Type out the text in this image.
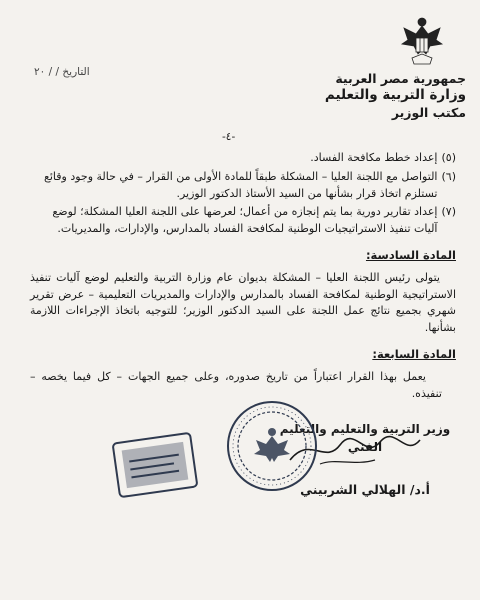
جمهورية مصر العربية
وزارة التربية والتعليم
مكتب الوزير
التاريخ / / ٢٠
-٤-
(٥)
إعداد خطط مكافحة الفساد.
(٦)
التواصل مع اللجنة العليا – المشكلة طبقاً للمادة الأولى من القرار – في حالة وجود وقائع تستلزم اتخاذ قرار بشأنها من السيد الأستاذ الدكتور الوزير.
(٧)
إعداد تقارير دورية بما يتم إنجازه من أعمال؛ لعرضها على اللجنة العليا المشكلة؛ لوضع آليات تنفيذ الاستراتيجيات الوطنية لمكافحة الفساد بالمدارس، والإدارات، والمديريات.
المادة السادسة:
يتولى رئيس اللجنة العليا – المشكلة بديوان عام وزارة التربية والتعليم لوضع آليات تنفيذ الاستراتيجية الوطنية لمكافحة الفساد بالمدارس والإدارات والمديريات التعليمية – عرض تقرير شهري بجميع نتائج عمل اللجنة على السيد الدكتور الوزير؛ للتوجيه باتخاذ الإجراءات اللازمة بشأنها.
المادة السابعة:
يعمل بهذا القرار اعتباراً من تاريخ صدوره، وعلى جميع الجهات – كل فيما يخصه – تنفيذه.
وزير التربية والتعليم والتعليم الفني
أ.د/ الهلالي الشربيني
